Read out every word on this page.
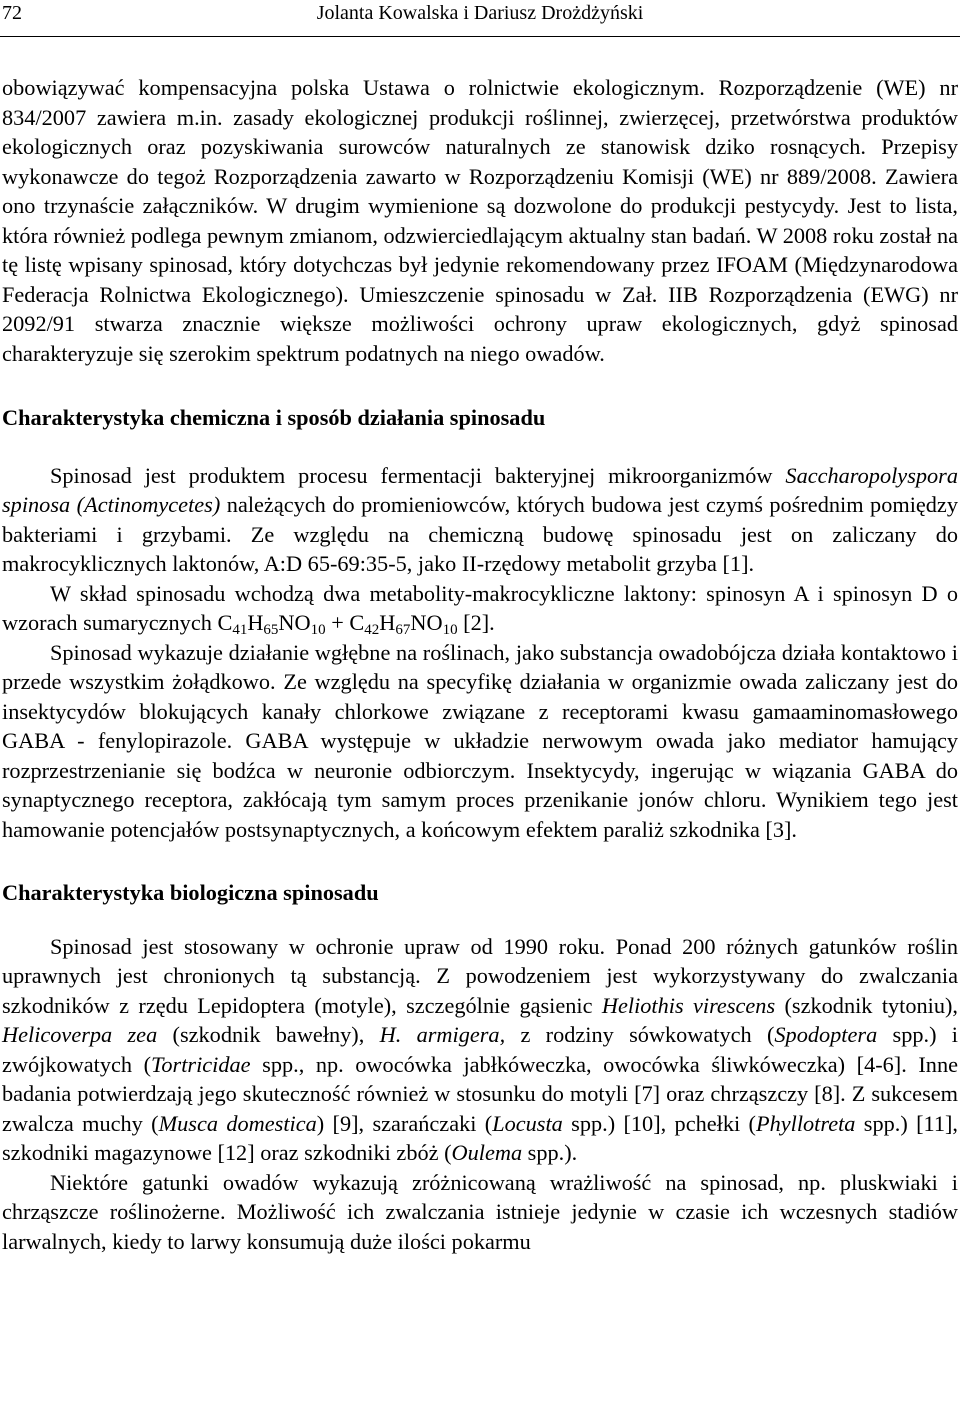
72	Jolanta Kowalska i Dariusz Drożdżyński

obowiązywać kompensacyjna polska Ustawa o rolnictwie ekologicznym. Rozporządzenie (WE) nr 834/2007 zawiera m.in. zasady ekologicznej produkcji roślinnej, zwierzęcej, przetwórstwa produktów ekologicznych oraz pozyskiwania surowców naturalnych ze stanowisk dziko rosnących. Przepisy wykonawcze do tegoż Rozporządzenia zawarto w Rozporządzeniu Komisji (WE) nr 889/2008. Zawiera ono trzynaście załączników. W drugim wymienione są dozwolone do produkcji pestycydy. Jest to lista, która również podlega pewnym zmianom, odzwierciedlającym aktualny stan badań. W 2008 roku został na tę listę wpisany spinosad, który dotychczas był jedynie rekomendowany przez IFOAM (Międzynarodowa Federacja Rolnictwa Ekologicznego). Umieszczenie spinosadu w Zał. IIB Rozporządzenia (EWG) nr 2092/91 stwarza znacznie większe możliwości ochrony upraw ekologicznych, gdyż spinosad charakteryzuje się szerokim spektrum podatnych na niego owadów.

Charakterystyka chemiczna i sposób działania spinosadu

Spinosad jest produktem procesu fermentacji bakteryjnej mikroorganizmów Saccharopolyspora spinosa (Actinomycetes) należących do promieniowców, których budowa jest czymś pośrednim pomiędzy bakteriami i grzybami. Ze względu na chemiczną budowę spinosadu jest on zaliczany do makrocyklicznych laktonów, A:D 65-69:35-5, jako II-rzędowy metabolit grzyba [1].

W skład spinosadu wchodzą dwa metabolity-makrocykliczne laktony: spinosyn A i spinosyn D o wzorach sumarycznych $C_{41}H_{65}NO_{10} + C_{42}H_{67}NO_{10}$ [2].

Spinosad wykazuje działanie wgłębne na roślinach, jako substancja owadobójcza działa kontaktowo i przede wszystkim żołądkowo. Ze względu na specyfikę działania w organizmie owada zaliczany jest do insektycydów blokujących kanały chlorkowe związane z receptorami kwasu gamaaminomasłowego GABA - fenylopirazole. GABA występuje w układzie nerwowym owada jako mediator hamujący rozprzestrzenianie się bodźca w neuronie odbiorczym. Insektycydy, ingerując w wiązania GABA do synaptycznego receptora, zakłócają tym samym proces przenikanie jonów chloru. Wynikiem tego jest hamowanie potencjałów postsynaptycznych, a końcowym efektem paraliż szkodnika [3].

Charakterystyka biologiczna spinosadu

Spinosad jest stosowany w ochronie upraw od 1990 roku. Ponad 200 różnych gatunków roślin uprawnych jest chronionych tą substancją. Z powodzeniem jest wykorzystywany do zwalczania szkodników z rzędu Lepidoptera (motyle), szczególnie gąsienic Heliothis virescens (szkodnik tytoniu), Helicoverpa zea (szkodnik bawełny), H. armigera, z rodziny sówkowatych (Spodoptera spp.) i zwójkowatych (Tortricidae spp., np. owocówka jabłkóweczka, owocówka śliwkóweczka) [4-6]. Inne badania potwierdzają jego skuteczność również w stosunku do motyli [7] oraz chrząszczy [8]. Z sukcesem zwalcza muchy (Musca domestica) [9], szarańczaki (Locusta spp.) [10], pchełki (Phyllotreta spp.) [11], szkodniki magazynowe [12] oraz szkodniki zbóż (Oulema spp.).

Niektóre gatunki owadów wykazują zróżnicowaną wrażliwość na spinosad, np. pluskwiaki i chrząszcze roślinożerne. Możliwość ich zwalczania istnieje jedynie w czasie ich wczesnych stadiów larwalnych, kiedy to larwy konsumują duże ilości pokarmu
